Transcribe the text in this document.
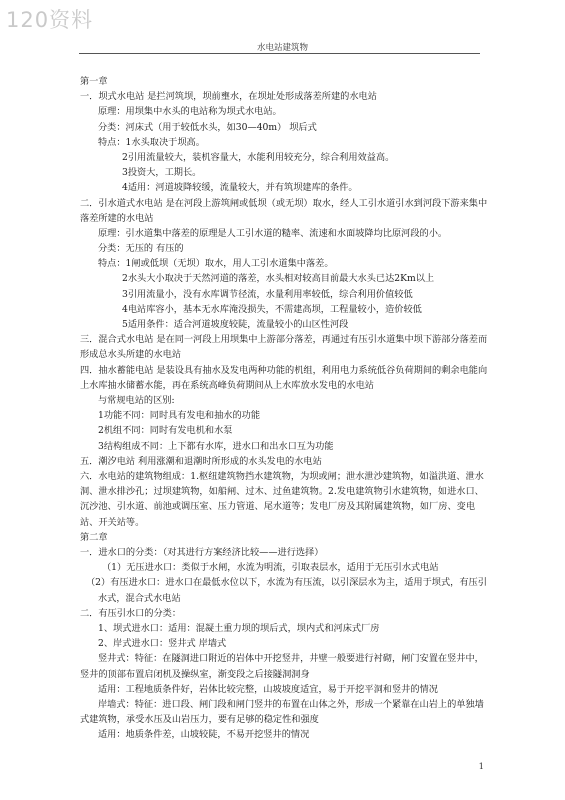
120资料
水电站建筑物
第一章
一．坝式水电站 是拦河筑坝，坝前壅水，在坝址处形成落差所建的水电站
原理：用坝集中水头的电站称为坝式水电站。
分类：河床式（用于较低水头，如30—40m） 坝后式
特点：1水头取决于坝高。
2引用流量较大，装机容量大，水能利用较充分，综合利用效益高。
3投资大，工期长。
4适用：河道坡降较缓，流量较大，并有筑坝建库的条件。
二．引水道式水电站 是在河段上游筑闸或低坝（或无坝）取水，经人工引水道引水到河段下游来集中落差所建的水电站
原理：引水道集中落差的原理是人工引水道的糙率、流速和水面坡降均比原河段的小。
分类：无压的 有压的
特点：1闸或低坝（无坝）取水，用人工引水道集中落差。
2水头大小取决于天然河道的落差，水头相对较高目前最大水头已达2Km以上
3引用流量小，没有水库调节径流，水量利用率较低，综合利用价值较低
4电站库容小，基本无水库淹没损失，不需建高坝，工程量较小，造价较低
5适用条件：适合河道坡度较陡，流量较小的山区性河段
三．混合式水电站 是在同一河段上用坝集中上游部分落差，再通过有压引水道集中坝下游部分落差而形成总水头所建的水电站
四．抽水蓄能电站 是装设具有抽水及发电两种功能的机组，利用电力系统低谷负荷期间的剩余电能向上水库抽水储蓄水能，再在系统高峰负荷期间从上水库放水发电的水电站
与常规电站的区别:
1功能不同：同时具有发电和抽水的功能
2机组不同：同时有发电机和水泵
3结构组成不同：上下都有水库，进水口和出水口互为功能
五．潮汐电站 利用涨潮和退潮时所形成的水头发电的水电站
六．水电站的建筑物组成：1.枢纽建筑物挡水建筑物，为坝或闸；泄水泄沙建筑物，如溢洪道、泄水洞、泄水排沙孔；过坝建筑物，如船闸、过木、过鱼建筑物。2.发电建筑物引水建筑物，如进水口、沉沙池、引水道、前池或调压室、压力管道、尾水道等；发电厂房及其附属建筑物，如厂房、变电站、开关站等。
第二章
一．进水口的分类：（对其进行方案经济比较——进行选择）
（1）无压进水口：类似于水闸，水流为明流，引取表层水，适用于无压引水式电站
（2）有压进水口：进水口在最低水位以下，水流为有压流，以引深层水为主，适用于坝式，有压引水式，混合式水电站
二．有压引水口的分类：
1、坝式进水口：适用：混凝土重力坝的坝后式，坝内式和河床式厂房
2、岸式进水口：竖井式 岸墙式
竖井式：特征：在隧洞进口附近的岩体中开挖竖井，井壁一般要进行衬砌，闸门安置在竖井中，竖井的顶部布置启闭机及操纵室，渐变段之后接隧洞洞身
适用：工程地质条件好，岩体比较完整，山坡坡度适宜，易于开挖平洞和竖井的情况
岸墙式：特征：进口段、闸门段和闸门竖井的布置在山体之外，形成一个紧靠在山岩上的单独墙式建筑物，承受水压及山岩压力，要有足够的稳定性和强度
适用：地质条件差，山坡较陡，不易开挖竖井的情况
1
